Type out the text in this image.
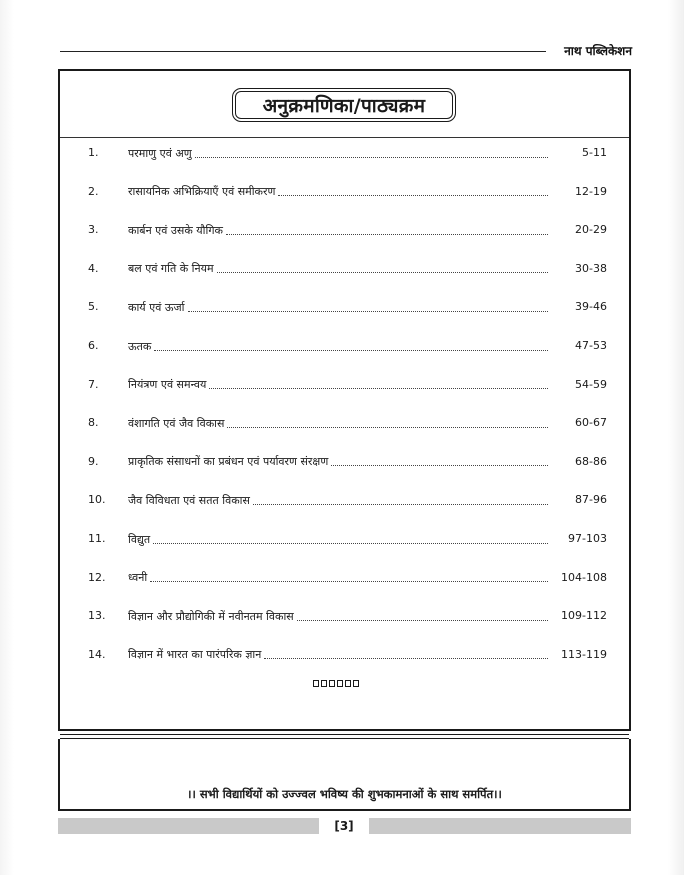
नाथ पब्लिकेशन
अनुक्रमणिका/पाठ्यक्रम
1.	परमाणु एवं अणु	5-11
2.	रासायनिक अभिक्रियाएँ एवं समीकरण	12-19
3.	कार्बन एवं उसके यौगिक	20-29
4.	बल एवं गति के नियम	30-38
5.	कार्य एवं ऊर्जा	39-46
6.	ऊतक	47-53
7.	नियंत्रण एवं समन्वय	54-59
8.	वंशागति एवं जैव विकास	60-67
9.	प्राकृतिक संसाधनों का प्रबंधन एवं पर्यावरण संरक्षण	68-86
10.	जैव विविधता एवं सतत विकास	87-96
11.	विद्युत	97-103
12.	ध्वनी	104-108
13.	विज्ञान और प्रौद्योगिकी में नवीनतम विकास	109-112
14.	विज्ञान में भारत का पारंपरिक ज्ञान	113-119
।। सभी विद्यार्थियों को उज्ज्वल भविष्य की शुभकामनाओं के साथ समर्पित।।
[3]
